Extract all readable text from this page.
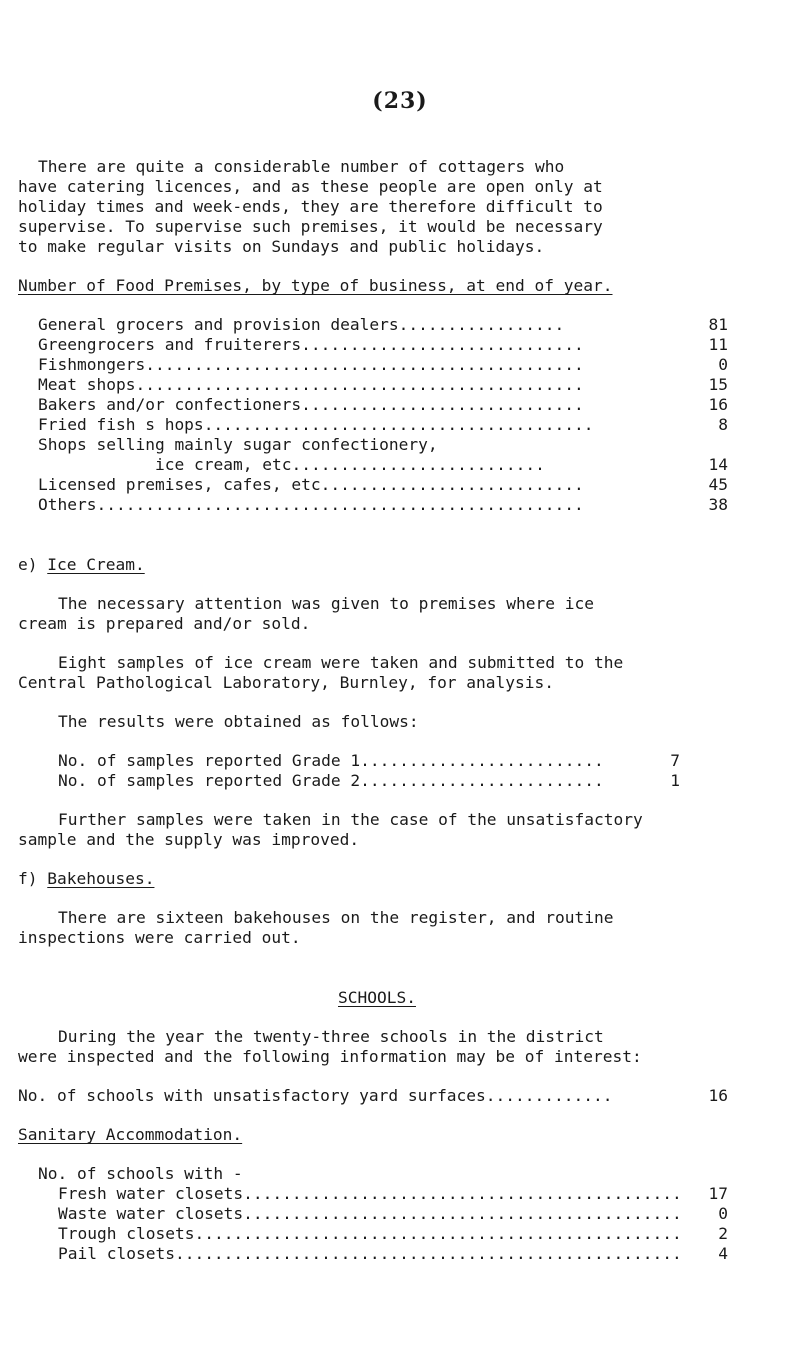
(23)
There are quite a considerable number of cottagers who
have catering licences, and as these people are open only at
holiday times and week-ends, they are therefore difficult to
supervise. To supervise such premises, it would be necessary
to make regular visits on Sundays and public holidays.
Number of Food Premises, by type of business, at end of year.
General grocers and provision dealers.................	81
Greengrocers and fruiterers.............................	11
Fishmongers.............................................	0
Meat shops..............................................	15
Bakers and/or confectioners.............................	16
Fried fish s hops........................................	8
Shops selling mainly sugar confectionery,
ice cream, etc..........................	14
Licensed premises, cafes, etc...........................	45
Others..................................................	38
e) Ice Cream.
The necessary attention was given to premises where ice
cream is prepared and/or sold.
Eight samples of ice cream were taken and submitted to the
Central Pathological Laboratory, Burnley, for analysis.
The results were obtained as follows:
No. of samples reported Grade 1.........................	7
No. of samples reported Grade 2.........................	1
Further samples were taken in the case of the unsatisfactory
sample and the supply was improved.
f) Bakehouses.
There are sixteen bakehouses on the register, and routine
inspections were carried out.
SCHOOLS.
During the year the twenty-three schools in the district
were inspected and the following information may be of interest:
No. of schools with unsatisfactory yard surfaces.............	16
Sanitary Accommodation.
No. of schools with -
Fresh water closets.............................................	17
Waste water closets.............................................	0
Trough closets..................................................	2
Pail closets....................................................	4
